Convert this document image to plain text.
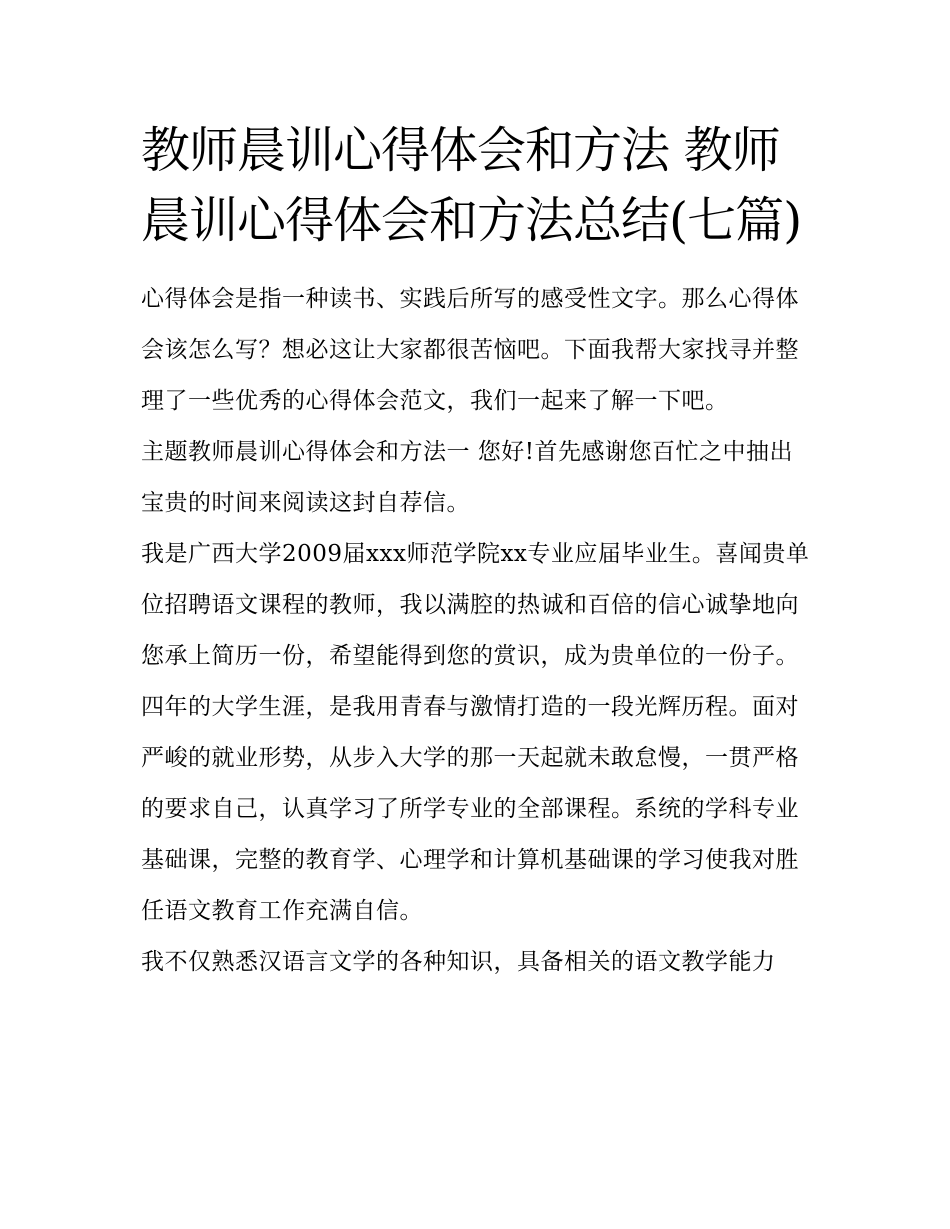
教师晨训心得体会和方法 教师晨训心得体会和方法总结(七篇)

心得体会是指一种读书、实践后所写的感受性文字。那么心得体会该怎么写？想必这让大家都很苦恼吧。下面我帮大家找寻并整理了一些优秀的心得体会范文，我们一起来了解一下吧。

主题教师晨训心得体会和方法一 您好!首先感谢您百忙之中抽出宝贵的时间来阅读这封自荐信。

我是广西大学2009届xxx师范学院xx专业应届毕业生。喜闻贵单位招聘语文课程的教师，我以满腔的热诚和百倍的信心诚挚地向您承上简历一份，希望能得到您的赏识，成为贵单位的一份子。

四年的大学生涯，是我用青春与激情打造的一段光辉历程。面对严峻的就业形势，从步入大学的那一天起就未敢怠慢，一贯严格的要求自己，认真学习了所学专业的全部课程。系统的学科专业基础课，完整的教育学、心理学和计算机基础课的学习使我对胜任语文教育工作充满自信。

我不仅熟悉汉语言文学的各种知识，具备相关的语文教学能力
